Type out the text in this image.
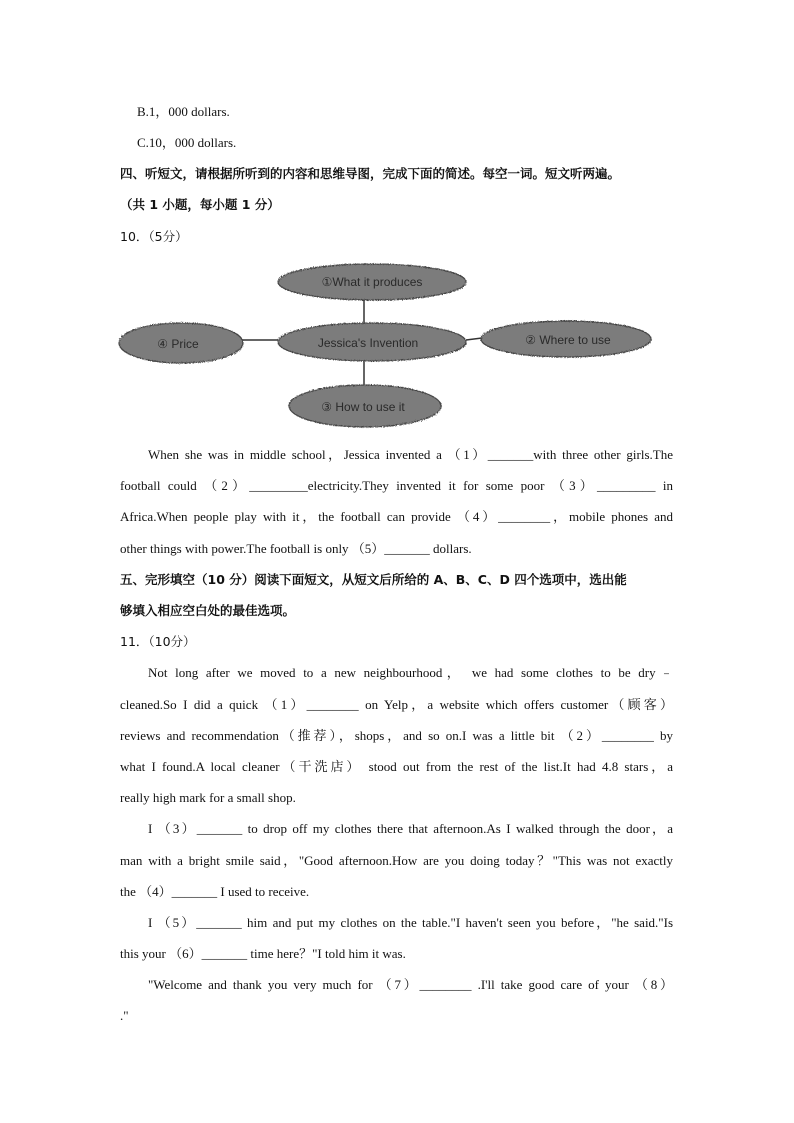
B.1，000 dollars.
C.10，000 dollars.
四、听短文，请根据所听到的内容和思维导图，完成下面的简述。每空一词。短文听两遍。
（共 1 小题，每小题 1 分）
10．（5分）
①What it produces
Jessica's Invention
④ Price	② Where to use
③ How to use it
When she was in middle school，Jessica invented a （1）_______with three other girls.The
football could （2）_________electricity.They invented it for some poor （3）_________ in
Africa.When people play with it，the football can provide （4）________，mobile phones and
other things with power.The football is only （5）_______ dollars.
五、完形填空（10 分）阅读下面短文，从短文后所给的 A、B、C、D 四个选项中，选出能
够填入相应空白处的最佳选项。
11．（10分）
Not long after we moved to a new neighbourhood， we had some clothes to be dry﹣
cleaned.So I did a quick （1）________ on Yelp，a website which offers customer（顾客）
reviews and recommendation（推荐），shops，and so on.I was a little bit （2）________ by
what I found.A local cleaner（干洗店） stood out from the rest of the list.It had 4.8 stars，a
really high mark for a small shop.
I （3）_______ to drop off my clothes there that afternoon.As I walked through the door，a
man with a bright smile said，"Good afternoon.How are you doing today？"This was not exactly
the （4）_______ I used to receive.
I （5）_______ him and put my clothes on the table."I haven't seen you before，"he said."Is
this your （6）_______ time here？"I told him it was.
"Welcome and thank you very much for （7）________ .I'll take good care of your （8）
."
